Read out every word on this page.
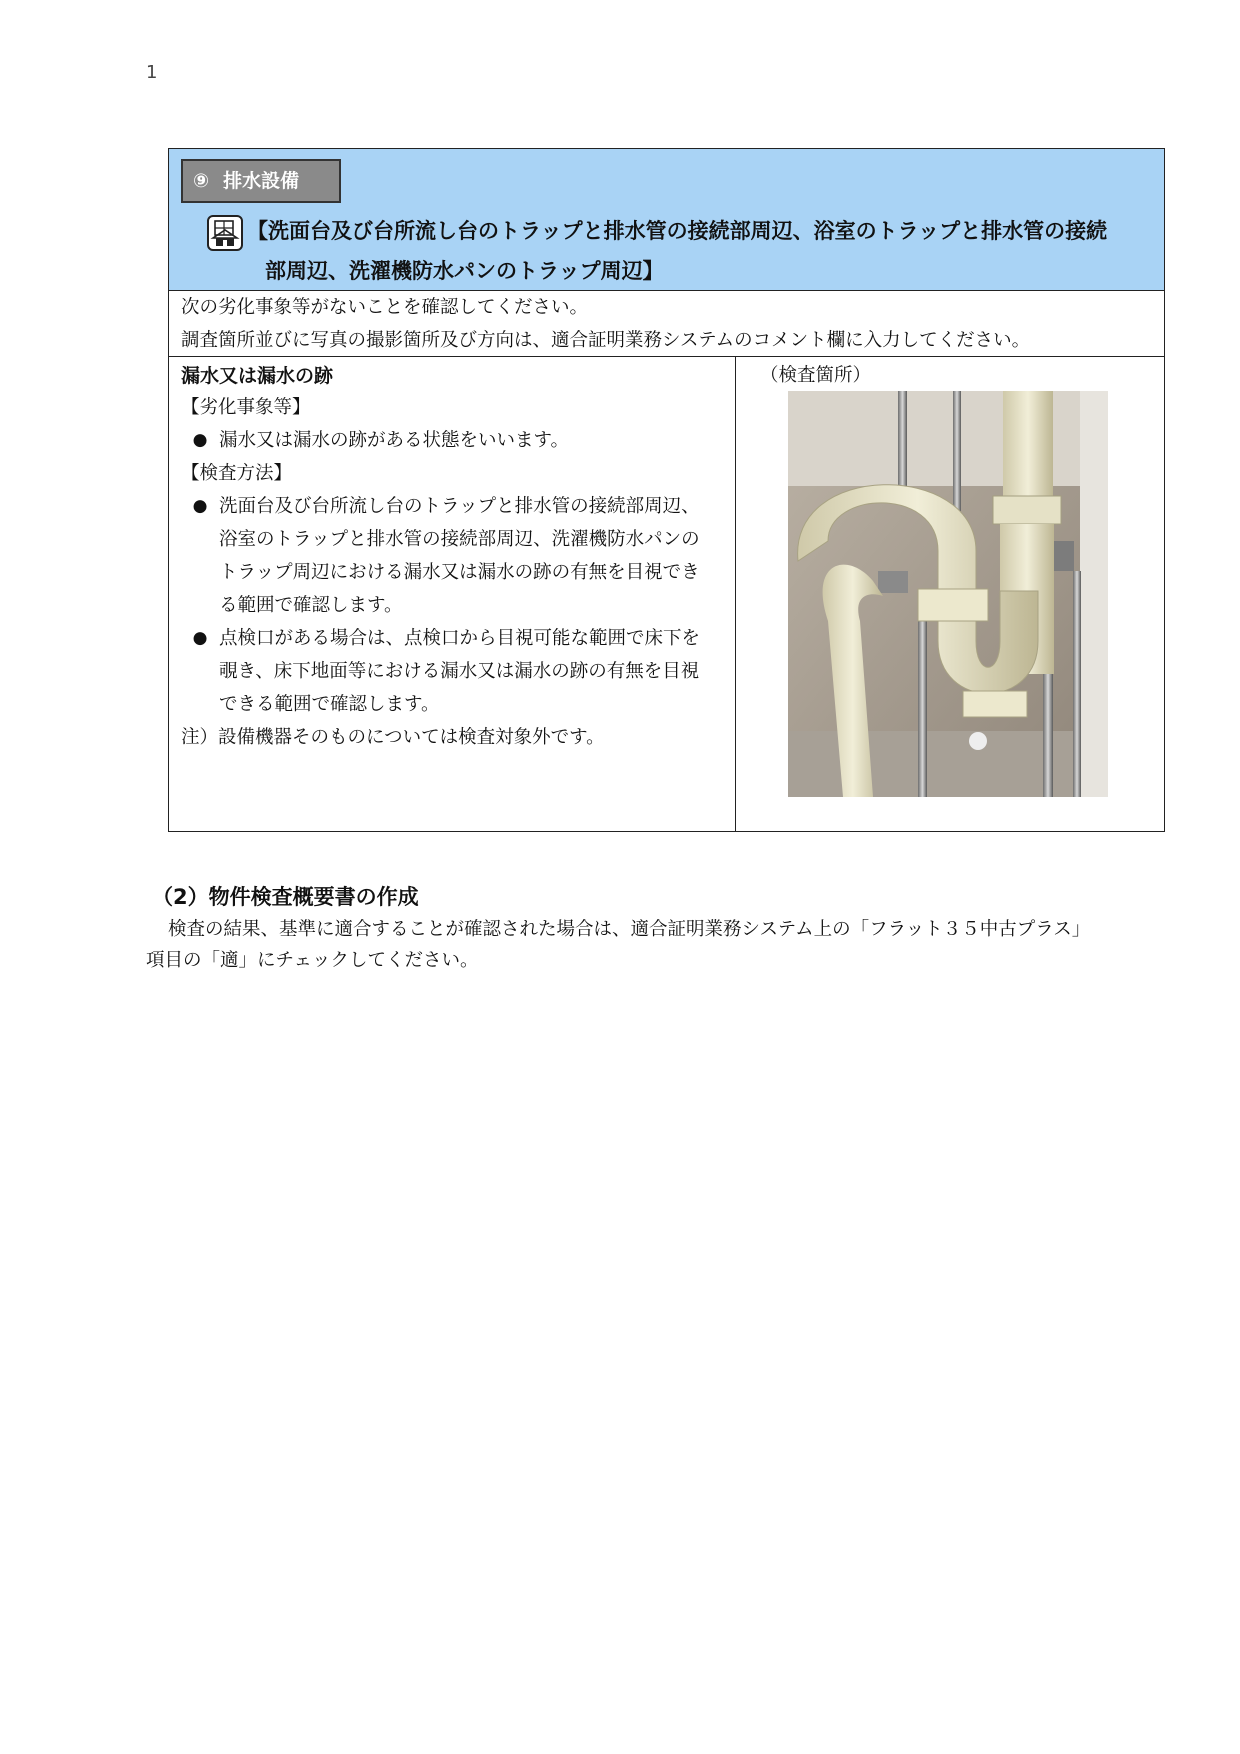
1
⑨ 排水設備
【洗面台及び台所流し台のトラップと排水管の接続部周辺、浴室のトラップと排水管の接続
部周辺、洗濯機防水パンのトラップ周辺】

次の劣化事象等がないことを確認してください。

調査箇所並びに写真の撮影箇所及び方向は、適合証明業務システムのコメント欄に入力してください。

漏水又は漏水の跡

【劣化事象等】

● 漏水又は漏水の跡がある状態をいいます。

【検査方法】

● 洗面台及び台所流し台のトラップと排水管の接続部周辺、浴室のトラップと排水管の接続部周辺、洗濯機防水パンのトラップ周辺における漏水又は漏水の跡の有無を目視できる範囲で確認します。
● 点検口がある場合は、点検口から目視可能な範囲で床下を覗き、床下地面等における漏水又は漏水の跡の有無を目視できる範囲で確認します。

注）設備機器そのものについては検査対象外です。

（検査箇所）
（2）物件検査概要書の作成

検査の結果、基準に適合することが確認された場合は、適合証明業務システム上の「フラット３５中古プラス」項目の「適」にチェックしてください。
